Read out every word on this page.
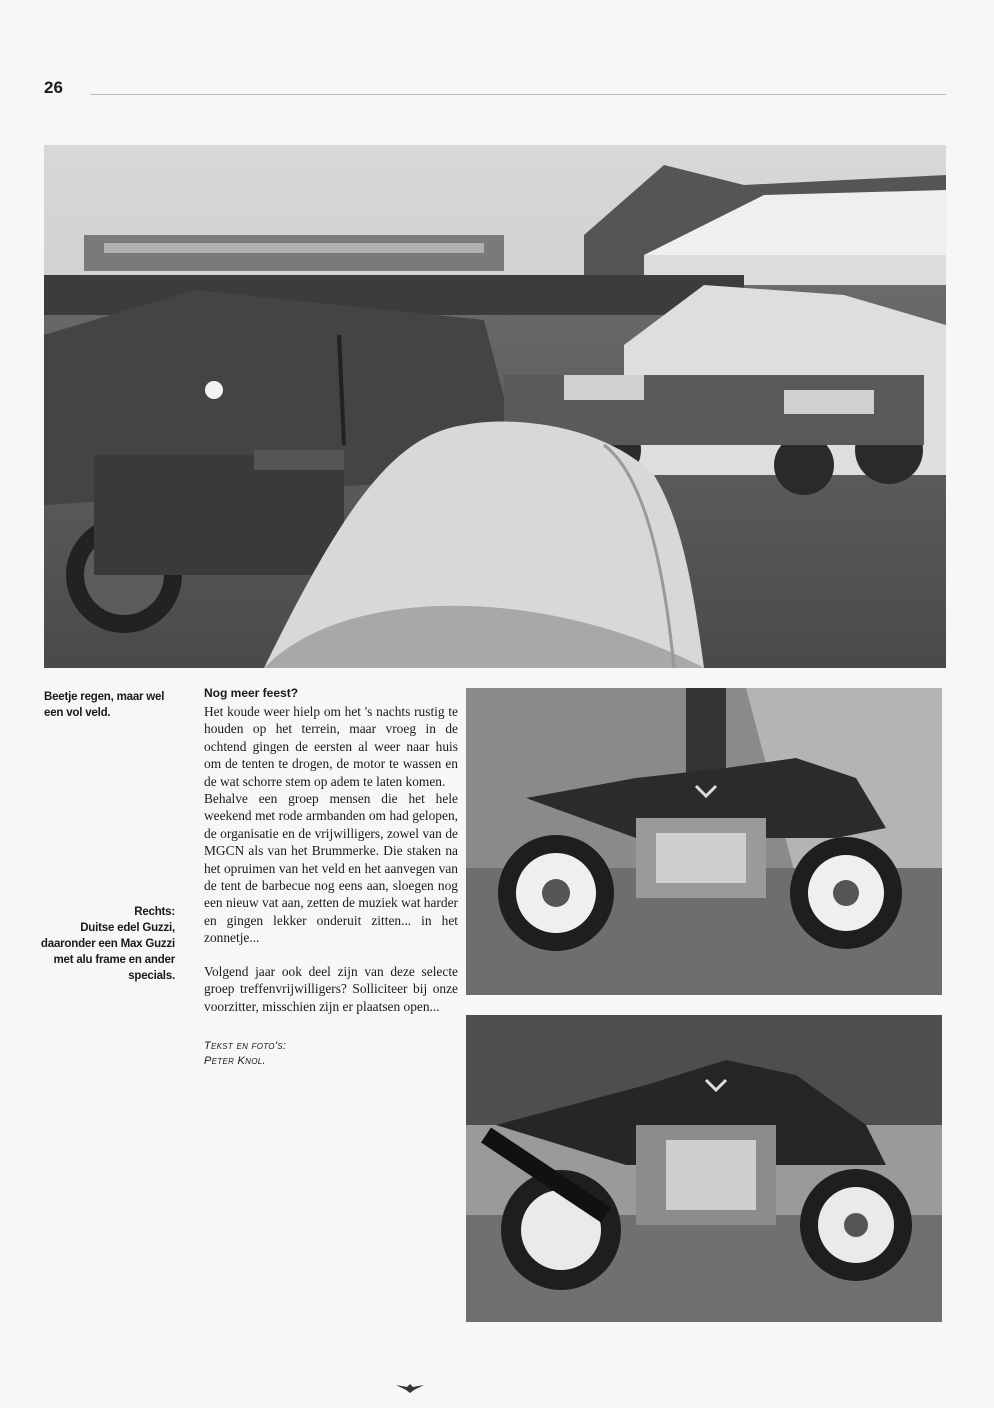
26
Beetje regen, maar wel een vol veld.
Rechts:
Duitse edel Guzzi, daaronder een Max Guzzi met alu frame en ander specials.
Nog meer feest?

Het koude weer hielp om het 's nachts rustig te houden op het terrein, maar vroeg in de ochtend gingen de eersten al weer naar huis om de tenten te drogen, de motor te wassen en de wat schorre stem op adem te laten komen.

Behalve een groep mensen die het hele weekend met rode armbanden om had gelopen, de organisatie en de vrijwilligers, zowel van de MGCN als van het Brummerke. Die staken na het opruimen van het veld en het aanvegen van de tent de barbecue nog eens aan, sloegen nog een nieuw vat aan, zetten de muziek wat harder en gingen lekker onderuit zitten... in het zonnetje...

Volgend jaar ook deel zijn van deze selecte groep treffenvrijwilligers? Solliciteer bij onze voorzitter, misschien zijn er plaatsen open...

Tekst en foto's:
Peter Knol.
